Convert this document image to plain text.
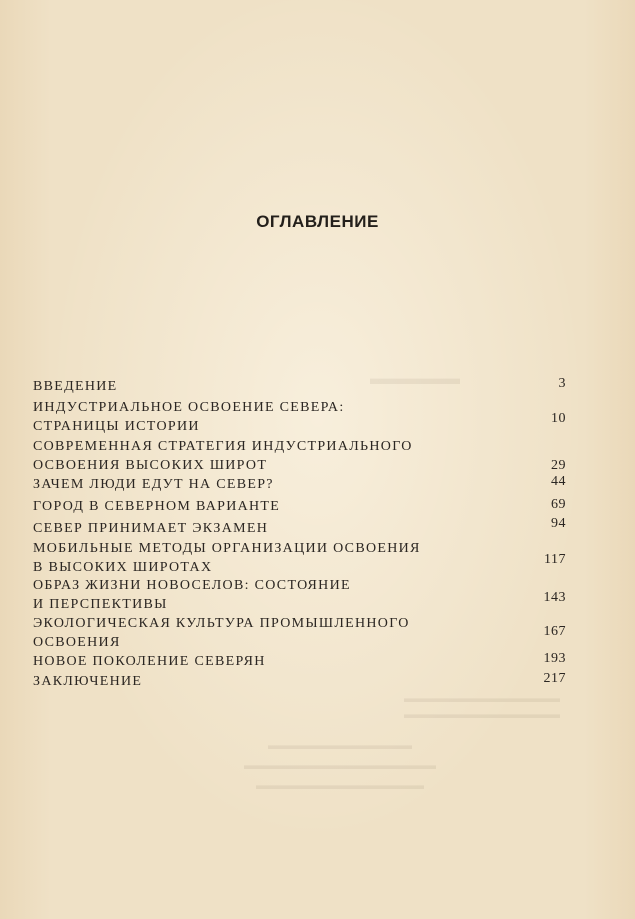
▬▬▬▬▬
▬▬▬▬▬▬▬▬▬▬▬▬▬
▬▬▬▬▬▬▬▬▬▬▬▬▬
▬▬▬▬▬▬▬▬▬▬▬▬
▬▬▬▬▬▬▬▬▬▬▬▬▬▬▬▬
▬▬▬▬▬▬▬▬▬▬▬▬▬▬
ОГЛАВЛЕНИЕ
ВВЕДЕНИЕ	3
ИНДУСТРИАЛЬНОЕ ОСВОЕНИЕ СЕВЕРА:
СТРАНИЦЫ ИСТОРИИ
10
СОВРЕМЕННАЯ СТРАТЕГИЯ ИНДУСТРИАЛЬНОГО
ОСВОЕНИЯ ВЫСОКИХ ШИРОТ	29
ЗАЧЕМ ЛЮДИ ЕДУТ НА СЕВЕР?	44
ГОРОД В СЕВЕРНОМ ВАРИАНТЕ	69
СЕВЕР ПРИНИМАЕТ ЭКЗАМЕН	94
МОБИЛЬНЫЕ МЕТОДЫ ОРГАНИЗАЦИИ ОСВОЕНИЯ
В ВЫСОКИХ ШИРОТАХ
117
ОБРАЗ ЖИЗНИ НОВОСЕЛОВ: СОСТОЯНИЕ
И ПЕРСПЕКТИВЫ	143
ЭКОЛОГИЧЕСКАЯ КУЛЬТУРА ПРОМЫШЛЕННОГО
ОСВОЕНИЯ
167
НОВОЕ ПОКОЛЕНИЕ СЕВЕРЯН	193
ЗАКЛЮЧЕНИЕ	217
